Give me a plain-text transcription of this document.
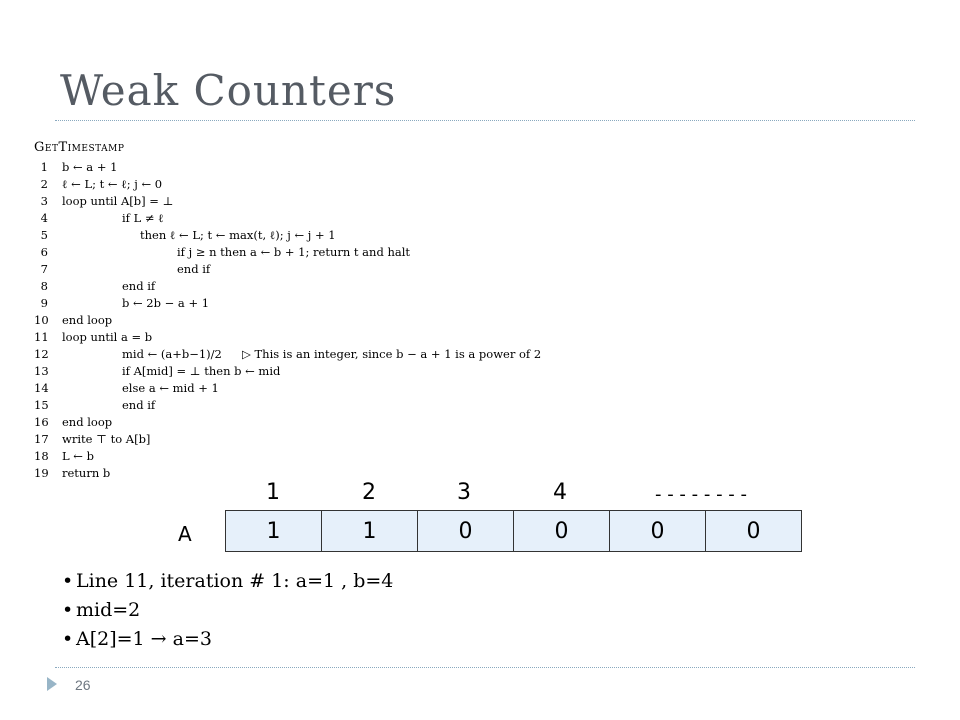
Weak Counters
GetTimestamp
1 b ← a + 1
2 ℓ ← L; t ← ℓ; j ← 0
3 loop until A[b] = ⊥
4	if L ≠ ℓ
5	then ℓ ← L; t ← max(t, ℓ); j ← j + 1
6	if j ≥ n then a ← b + 1; return t and halt
7	end if
8	end if
9	b ← 2b − a + 1
10 end loop
11 loop until a = b
12	mid ← (a+b−1)/2 ▷ This is an integer, since b − a + 1 is a power of 2
13	if A[mid] = ⊥ then b ← mid
14	else a ← mid + 1
15	end if
16 end loop
17 write ⊤ to A[b]
18 L ← b
19 return b
1	2	3	4	- - - - - - - -
A	1	1	0	0	0	0
• Line 11, iteration # 1: a=1 , b=4
• mid=2
• A[2]=1 → a=3
26
